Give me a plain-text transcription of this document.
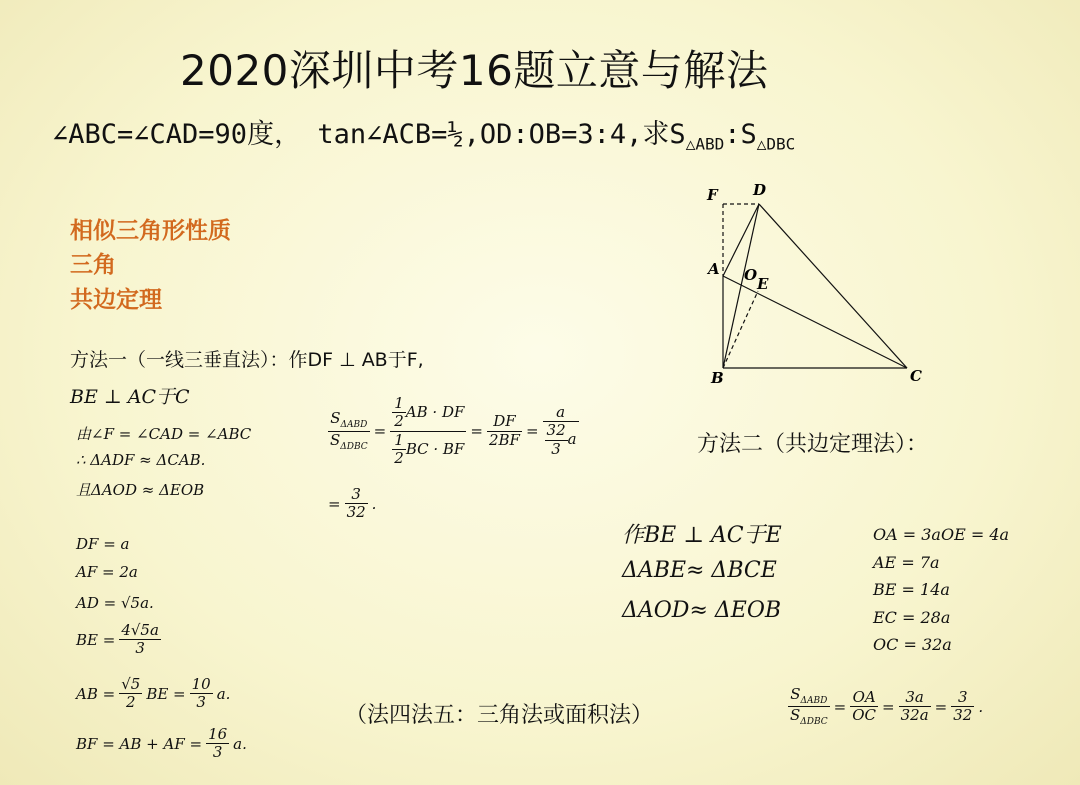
2020深圳中考16题立意与解法
∠ABC=∠CAD=90度， tan∠ACB=½,OD:OB=3:4,求$S_{\triangle ABD}:S_{\triangle DBC}$
相似三角形性质
三角
共边定理
F D
A O E
B	C
方法一（一线三垂直法）：作DF ⊥ AB于F,
BE ⊥ AC于C
由∠F = ∠CAD = ∠ABC
∴ ΔADF ≈ ΔCAB.
且ΔAOD ≈ ΔEOB
DF = a
AF = 2a
AD = √5a.
BE = $\frac{4√5a}{3}$
AB = $\frac{√5}{2}$ BE = $\frac{10}{3} a$.
BF = AB + AF = $\frac{16}{3} a$.
$\frac{S_{\Delta ABD}}{S_{\Delta DBC}} = \frac{\frac{1}{2} AB \cdot DF}{\frac{1}{2} BC \cdot BF} = \frac{DF}{2BF} = \frac{a}{\frac{32}{3} a}$
= $\frac{3}{32}$ .
方法二（共边定理法）：
作BE ⊥ AC于E
ΔABE≈ ΔBCE
ΔAOD≈ ΔEOB
OA = 3aOE = 4a
AE = 7a
BE = 14a
EC = 28a
OC = 32a
$\frac{S_{\Delta ABD}}{S_{\Delta DBC}} = \frac{OA}{OC} = \frac{3a}{32a} = \frac{3}{32}$ .
（法四法五：三角法或面积法）
